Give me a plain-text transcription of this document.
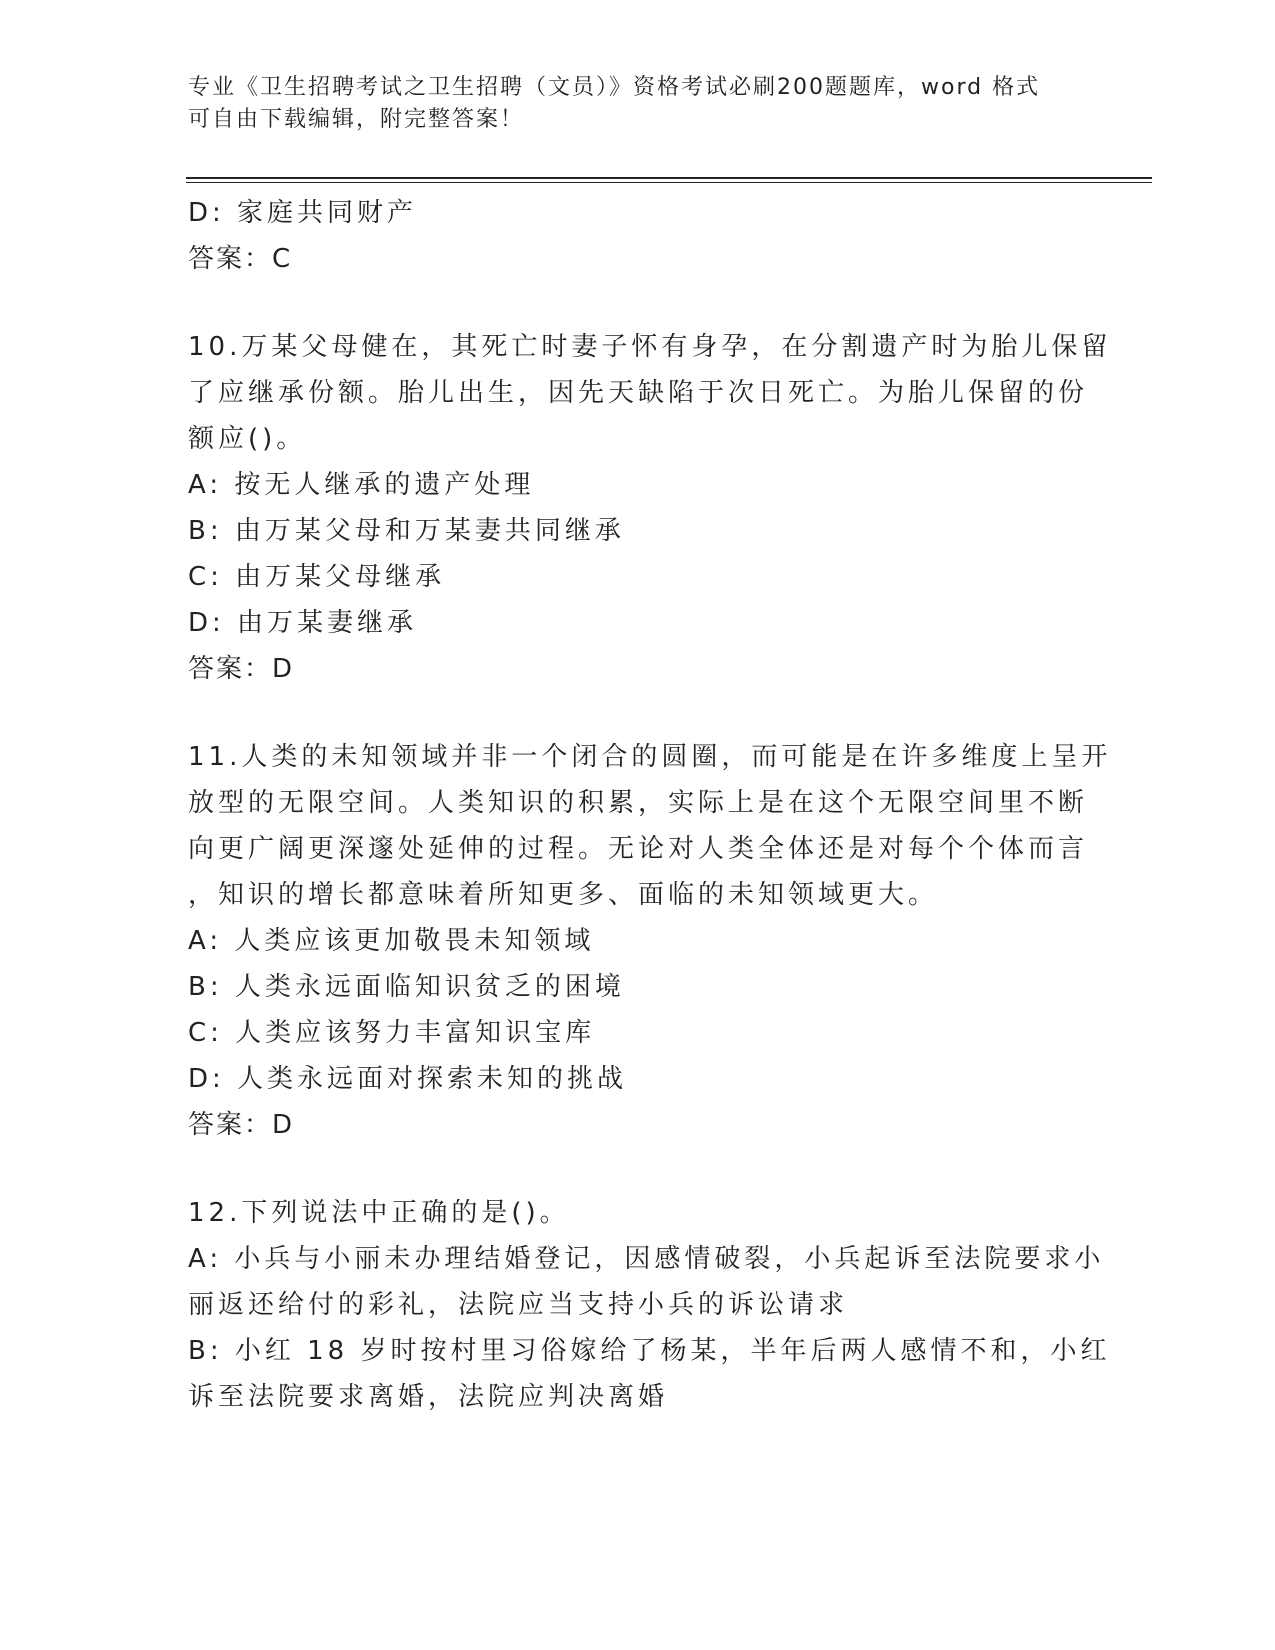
专业《卫生招聘考试之卫生招聘（文员）》资格考试必刷200题题库，word 格式
可自由下载编辑，附完整答案！
D: 家庭共同财产
答案：C
10.万某父母健在，其死亡时妻子怀有身孕，在分割遗产时为胎儿保留
了应继承份额。胎儿出生，因先天缺陷于次日死亡。为胎儿保留的份
额应()。
A: 按无人继承的遗产处理
B: 由万某父母和万某妻共同继承
C: 由万某父母继承
D: 由万某妻继承
答案：D
11.人类的未知领域并非一个闭合的圆圈，而可能是在许多维度上呈开
放型的无限空间。人类知识的积累，实际上是在这个无限空间里不断
向更广阔更深邃处延伸的过程。无论对人类全体还是对每个个体而言
，知识的增长都意味着所知更多、面临的未知领域更大。
A: 人类应该更加敬畏未知领域
B: 人类永远面临知识贫乏的困境
C: 人类应该努力丰富知识宝库
D: 人类永远面对探索未知的挑战
答案：D
12.下列说法中正确的是()。
A: 小兵与小丽未办理结婚登记，因感情破裂，小兵起诉至法院要求小
丽返还给付的彩礼，法院应当支持小兵的诉讼请求
B: 小红 18 岁时按村里习俗嫁给了杨某，半年后两人感情不和，小红
诉至法院要求离婚，法院应判决离婚
